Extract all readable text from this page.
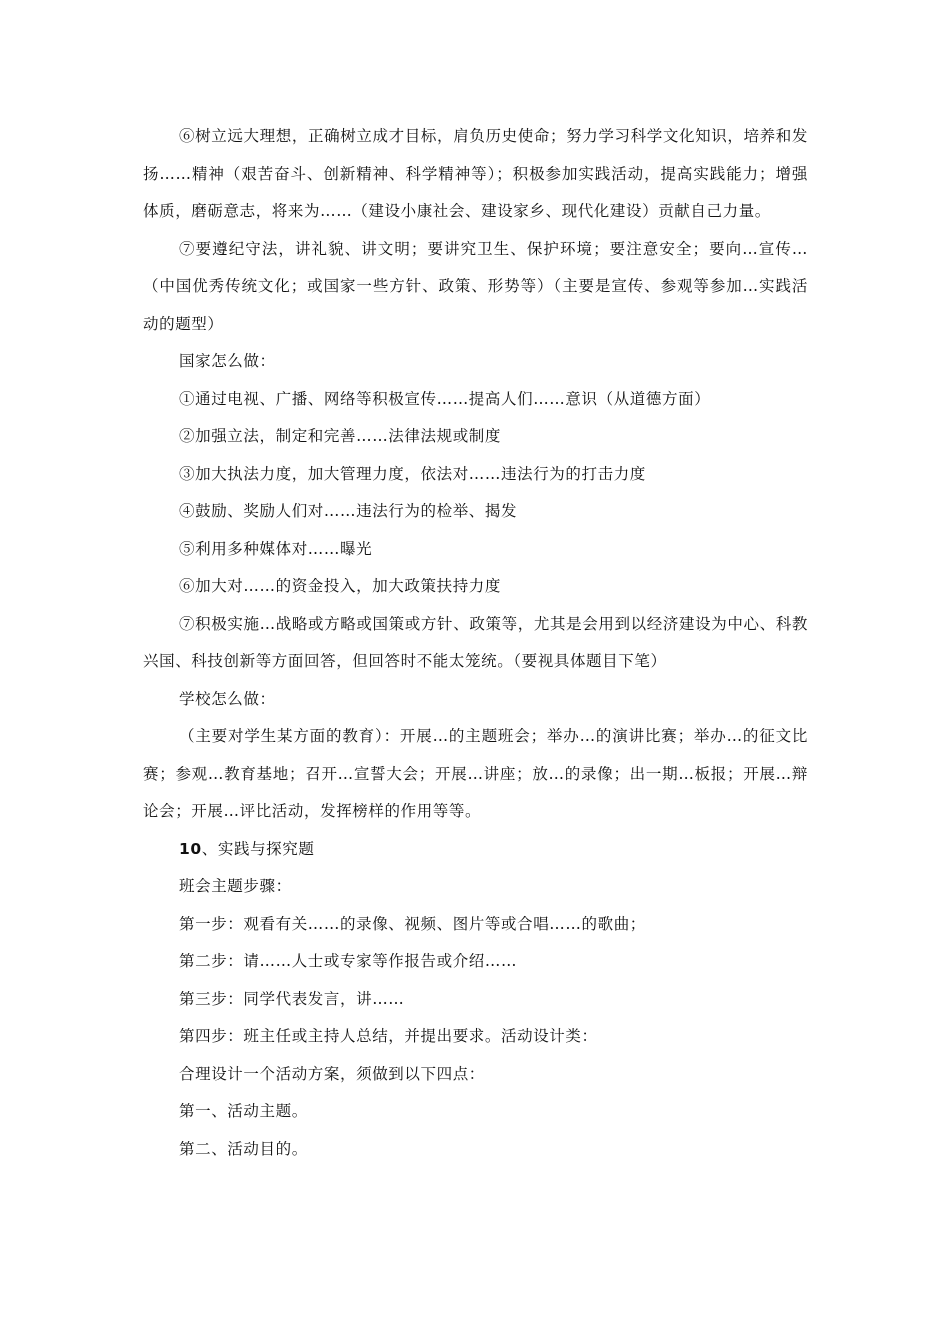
⑥树立远大理想，正确树立成才目标，肩负历史使命；努力学习科学文化知识，培养和发扬……精神（艰苦奋斗、创新精神、科学精神等）；积极参加实践活动，提高实践能力；增强体质，磨砺意志，将来为……（建设小康社会、建设家乡、现代化建设）贡献自己力量。

⑦要遵纪守法，讲礼貌、讲文明；要讲究卫生、保护环境；要注意安全；要向…宣传…（中国优秀传统文化；或国家一些方针、政策、形势等）（主要是宣传、参观等参加…实践活动的题型）

国家怎么做：

①通过电视、广播、网络等积极宣传……提高人们……意识（从道德方面）

②加强立法，制定和完善……法律法规或制度

③加大执法力度，加大管理力度，依法对……违法行为的打击力度

④鼓励、奖励人们对……违法行为的检举、揭发

⑤利用多种媒体对……曝光

⑥加大对……的资金投入，加大政策扶持力度

⑦积极实施…战略或方略或国策或方针、政策等，尤其是会用到以经济建设为中心、科教兴国、科技创新等方面回答，但回答时不能太笼统。（要视具体题目下笔）

学校怎么做：

（主要对学生某方面的教育）：开展…的主题班会；举办…的演讲比赛；举办…的征文比赛；参观…教育基地；召开…宣誓大会；开展…讲座；放…的录像；出一期…板报；开展…辩论会；开展…评比活动，发挥榜样的作用等等。

10、实践与探究题

班会主题步骤：

第一步：观看有关……的录像、视频、图片等或合唱……的歌曲；

第二步：请……人士或专家等作报告或介绍……

第三步：同学代表发言，讲……

第四步：班主任或主持人总结，并提出要求。活动设计类：

合理设计一个活动方案，须做到以下四点：

第一、活动主题。

第二、活动目的。
